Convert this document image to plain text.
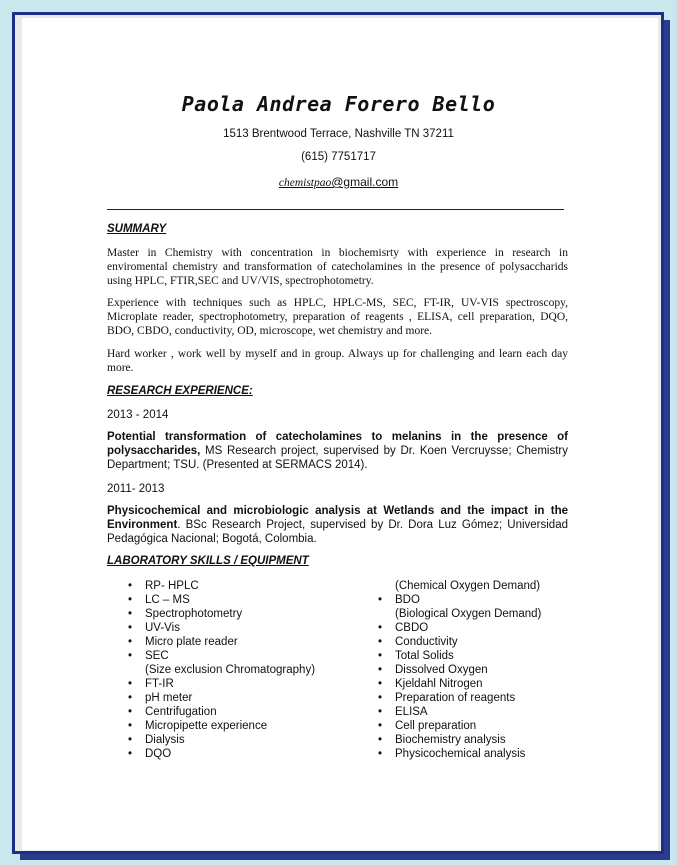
Paola Andrea Forero Bello
1513 Brentwood Terrace, Nashville TN 37211
(615) 7751717
chemistpao@gmail.com
SUMMARY
Master in Chemistry with concentration in biochemisrty with experience in research in enviromental chemistry and transformation of catecholamines in the presence of polysaccharids using HPLC, FTIR,SEC and UV/VIS, spectrophotometry.
Experience with techniques such as HPLC, HPLC-MS, SEC, FT-IR, UV-VIS spectroscopy, Microplate reader, spectrophotometry, preparation of reagents , ELISA, cell preparation, DQO, BDO, CBDO, conductivity, OD, microscope, wet chemistry and more.
Hard worker , work well by myself and in group. Always up for challenging and learn each day more.
RESEARCH EXPERIENCE:
2013 - 2014
Potential transformation of catecholamines to melanins in the presence of polysaccharides, MS Research project, supervised by Dr. Koen Vercruysse; Chemistry Department; TSU. (Presented at SERMACS 2014).
2011- 2013
Physicochemical and microbiologic analysis at Wetlands and the impact in the Environment. BSc Research Project, supervised by Dr. Dora Luz Gómez; Universidad Pedagógica Nacional; Bogotá, Colombia.
LABORATORY SKILLS / EQUIPMENT
• RP- HPLC
• LC – MS
• Spectrophotometry
• UV-Vis
• Micro plate reader
• SEC
(Size exclusion Chromatography)
• FT-IR
• pH meter
• Centrifugation
• Micropipette experience
• Dialysis
• DQO
(Chemical Oxygen Demand)
• BDO
(Biological Oxygen Demand)
• CBDO
• Conductivity
• Total Solids
• Dissolved Oxygen
• Kjeldahl Nitrogen
• Preparation of reagents
• ELISA
• Cell preparation
• Biochemistry analysis
• Physicochemical analysis
